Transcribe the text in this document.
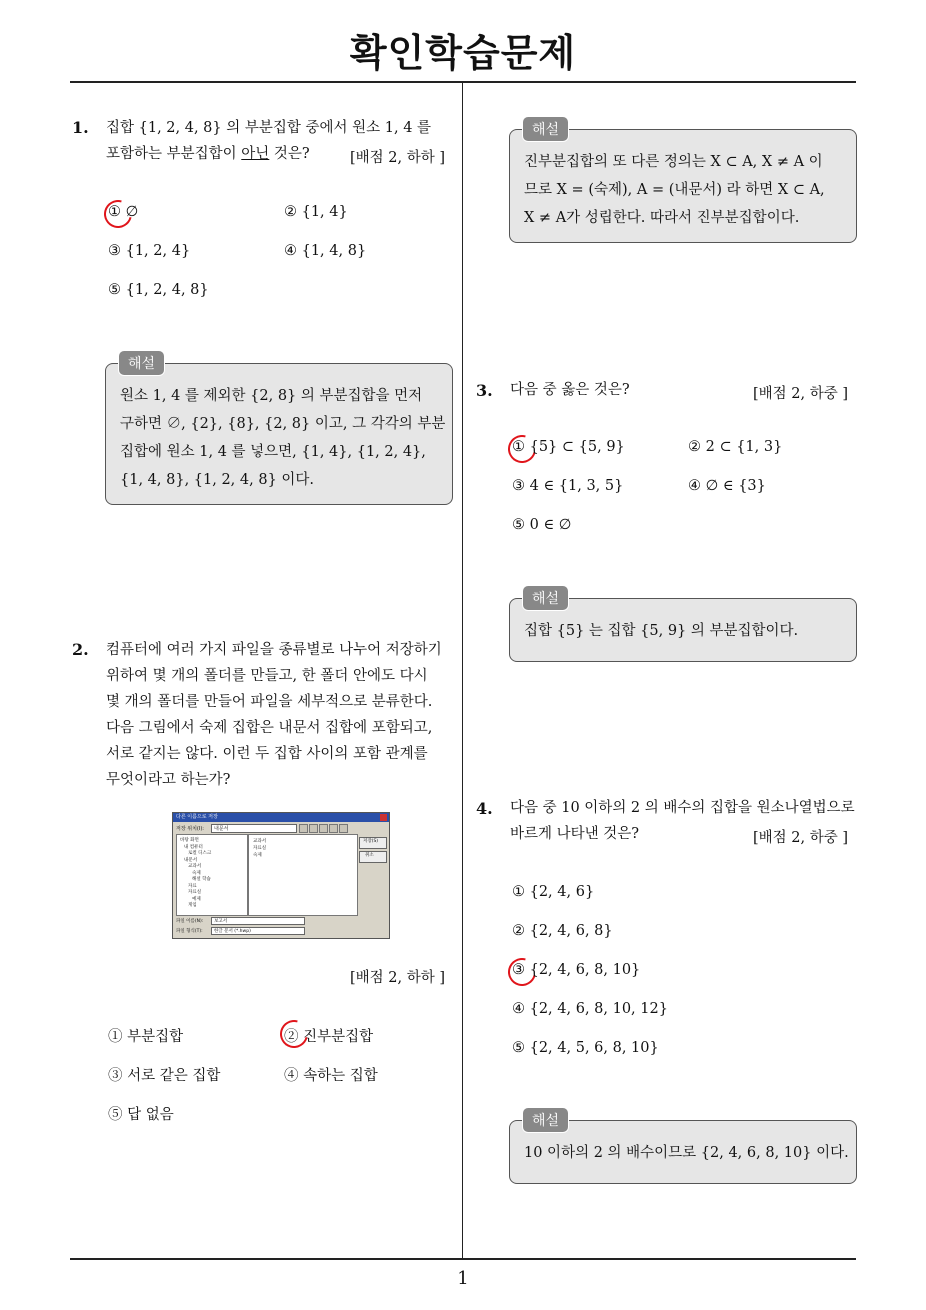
확인학습문제
1
1. 집합 {1, 2, 4, 8} 의 부분집합 중에서 원소 1, 4 를
포함하는 부분집합이 아닌 것은?	[배점 2, 하하 ]
① ∅	② {1, 4}
③ {1, 2, 4}	④ {1, 4, 8}
⑤ {1, 2, 4, 8}
원소 1, 4 를 제외한 {2, 8} 의 부분집합을 먼저
구하면 ∅, {2}, {8}, {2, 8} 이고, 그 각각의 부분
집합에 원소 1, 4 를 넣으면, {1, 4}, {1, 2, 4},
{1, 4, 8}, {1, 2, 4, 8} 이다.
해설
2. 컴퓨터에 여러 가지 파일을 종류별로 나누어 저장하기
위하여 몇 개의 폴더를 만들고, 한 폴더 안에도 다시
몇 개의 폴더를 만들어 파일을 세부적으로 분류한다.
다음 그림에서 숙제 집합은 내문서 집합에 포함되고,
서로 같지는 않다. 이런 두 집합 사이의 포함 관계를
무엇이라고 하는가?
다른 이름으로 저장
저장 위치(I):	내문서
바탕 화면
내 컴퓨터
로컬 디스크
내문서
교과서
숙제
해설 학습
자료
자료실
예제
게임
교과서
자료실
숙제
저장(S)
취소
파일 이름(N):	보고서
파일 형식(T):	한글 문서 (*.hwp)
[배점 2, 하하 ]
① 부분집합	② 진부분집합
③ 서로 같은 집합	④ 속하는 집합
⑤ 답 없음
진부분집합의 또 다른 정의는 X ⊂ A, X ≠ A 이
므로 X = (숙제), A = (내문서) 라 하면 X ⊂ A,
X ≠ A가 성립한다. 따라서 진부분집합이다.
해설
3. 다음 중 옳은 것은?	[배점 2, 하중 ]
① {5} ⊂ {5, 9}	② 2 ⊂ {1, 3}
③ 4 ∈ {1, 3, 5}	④ ∅ ∈ {3}
⑤ 0 ∈ ∅
집합 {5} 는 집합 {5, 9} 의 부분집합이다.
해설
4. 다음 중 10 이하의 2 의 배수의 집합을 원소나열법으로
바르게 나타낸 것은?	[배점 2, 하중 ]
① {2, 4, 6}
② {2, 4, 6, 8}
③ {2, 4, 6, 8, 10}
④ {2, 4, 6, 8, 10, 12}
⑤ {2, 4, 5, 6, 8, 10}
10 이하의 2 의 배수이므로 {2, 4, 6, 8, 10} 이다.
해설
